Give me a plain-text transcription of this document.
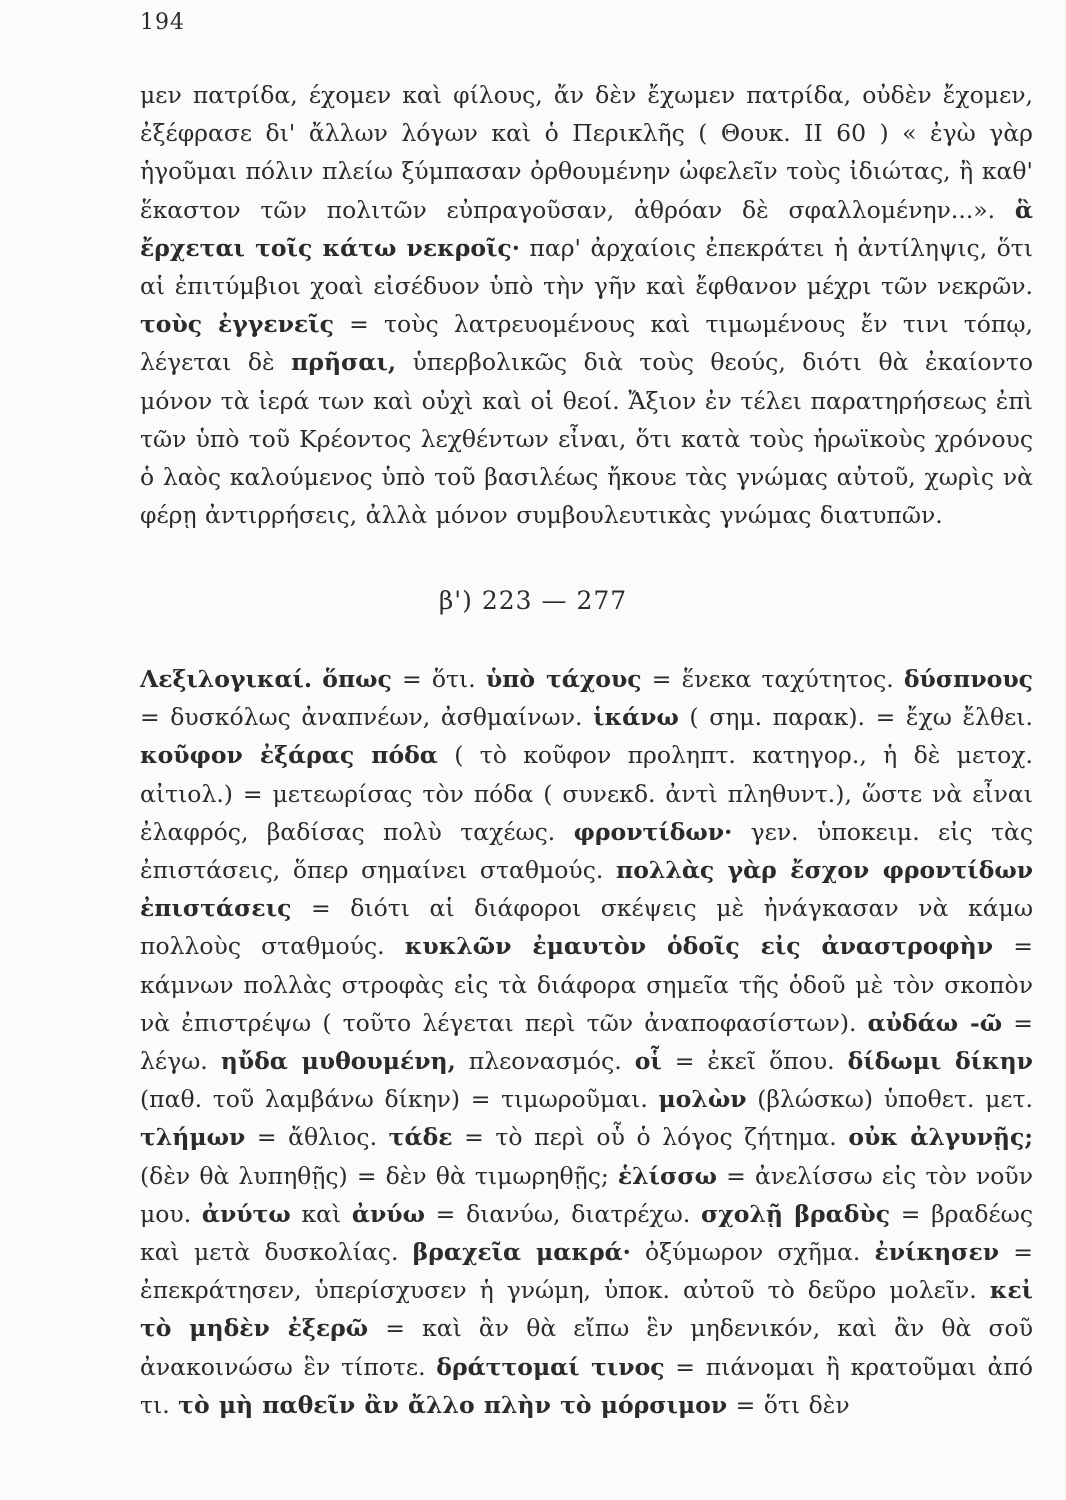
194
μεν πατρίδα, έχομεν καὶ φίλους, ἄν δὲν ἔχωμεν πατρίδα, οὐδὲν ἔχομεν, ἐξέφρασε δι' ἄλλων λόγων καὶ ὁ Περικλῆς ( Θουκ. ΙΙ 60 ) « ἐγὼ γὰρ ἡγοῦμαι πόλιν πλείω ξύμπασαν ὀρθουμένην ὠφελεῖν τοὺς ἰδιώτας, ἢ καθ' ἕκαστον τῶν πολιτῶν εὐπραγοῦσαν, ἀθρόαν δὲ σφαλλομένην...». ἃ ἔρχεται τοῖς κάτω νεκροῖς· παρ' ἀρχαίοις ἐπεκράτει ἡ ἀντίληψις, ὅτι αἱ ἐπιτύμβιοι χοαὶ εἰσέδυον ὑπὸ τὴν γῆν καὶ ἔφθανον μέχρι τῶν νεκρῶν. τοὺς ἐγγενεῖς = τοὺς λατρευομένους καὶ τιμωμένους ἔν τινι τόπῳ, λέγεται δὲ πρῆσαι, ὑπερβολικῶς διὰ τοὺς θεούς, διότι θὰ ἐκαίοντο μόνον τὰ ἱερά των καὶ οὐχὶ καὶ οἱ θεοί. Ἄξιον ἐν τέλει παρατηρήσεως ἐπὶ τῶν ὑπὸ τοῦ Κρέοντος λεχθέντων εἶναι, ὅτι κατὰ τοὺς ἡρωϊκοὺς χρόνους ὁ λαὸς καλούμενος ὑπὸ τοῦ βασιλέως ἤκουε τὰς γνώμας αὐτοῦ, χωρὶς νὰ φέρῃ ἀντιρρήσεις, ἀλλὰ μόνον συμβουλευτικὰς γνώμας διατυπῶν.
β') 223 — 277
Λεξιλογικαί. ὅπως = ὅτι. ὑπὸ τάχους = ἕνεκα ταχύτητος. δύσπνους = δυσκόλως ἀναπνέων, ἀσθμαίνων. ἱκάνω ( σημ. παρακ). = ἔχω ἔλθει. κοῦφον ἐξάρας πόδα ( τὸ κοῦφον προληπτ. κατηγορ., ἡ δὲ μετοχ. αἰτιολ.) = μετεωρίσας τὸν πόδα ( συνεκδ. ἀντὶ πληθυντ.), ὥστε νὰ εἶναι ἐλαφρός, βαδίσας πολὺ ταχέως. φροντίδων· γεν. ὑποκειμ. εἰς τὰς ἐπιστάσεις, ὅπερ σημαίνει σταθμούς. πολλὰς γὰρ ἔσχον φροντίδων ἐπιστάσεις = διότι αἱ διάφοροι σκέψεις μὲ ἠνάγκασαν νὰ κάμω πολλοὺς σταθμούς. κυκλῶν ἐμαυτὸν ὁδοῖς εἰς ἀναστροφὴν = κάμνων πολλὰς στροφὰς εἰς τὰ διάφορα σημεῖα τῆς ὁδοῦ μὲ τὸν σκοπὸν νὰ ἐπιστρέψω ( τοῦτο λέγεται περὶ τῶν ἀναποφασίστων). αὐδάω -ῶ = λέγω. ηὔδα μυθουμένη, πλεονασμός. οἷ = ἐκεῖ ὅπου. δίδωμι δίκην (παθ. τοῦ λαμβάνω δίκην) = τιμωροῦμαι. μολὼν (βλώσκω) ὑποθετ. μετ. τλήμων = ἄθλιος. τάδε = τὸ περὶ οὗ ὁ λόγος ζήτημα. οὐκ ἀλγυνῇς; (δὲν θὰ λυπηθῇς) = δὲν θὰ τιμωρηθῇς; ἑλίσσω = ἀνελίσσω εἰς τὸν νοῦν μου. ἀνύτω καὶ ἀνύω = διανύω, διατρέχω. σχολῇ βραδὺς = βραδέως καὶ μετὰ δυσκολίας. βραχεῖα μακρά· ὀξύμωρον σχῆμα. ἐνίκησεν = ἐπεκράτησεν, ὑπερίσχυσεν ἡ γνώμη, ὑποκ. αὐτοῦ τὸ δεῦρο μολεῖν. κεἰ τὸ μηδὲν ἐξερῶ = καὶ ἂν θὰ εἴπω ἓν μηδενικόν, καὶ ἂν θὰ σοῦ ἀνακοινώσω ἓν τίποτε. δράττομαί τινος = πιάνομαι ἢ κρατοῦμαι ἀπό τι. τὸ μὴ παθεῖν ἂν ἄλλο πλὴν τὸ μόρσιμον = ὅτι δὲν
